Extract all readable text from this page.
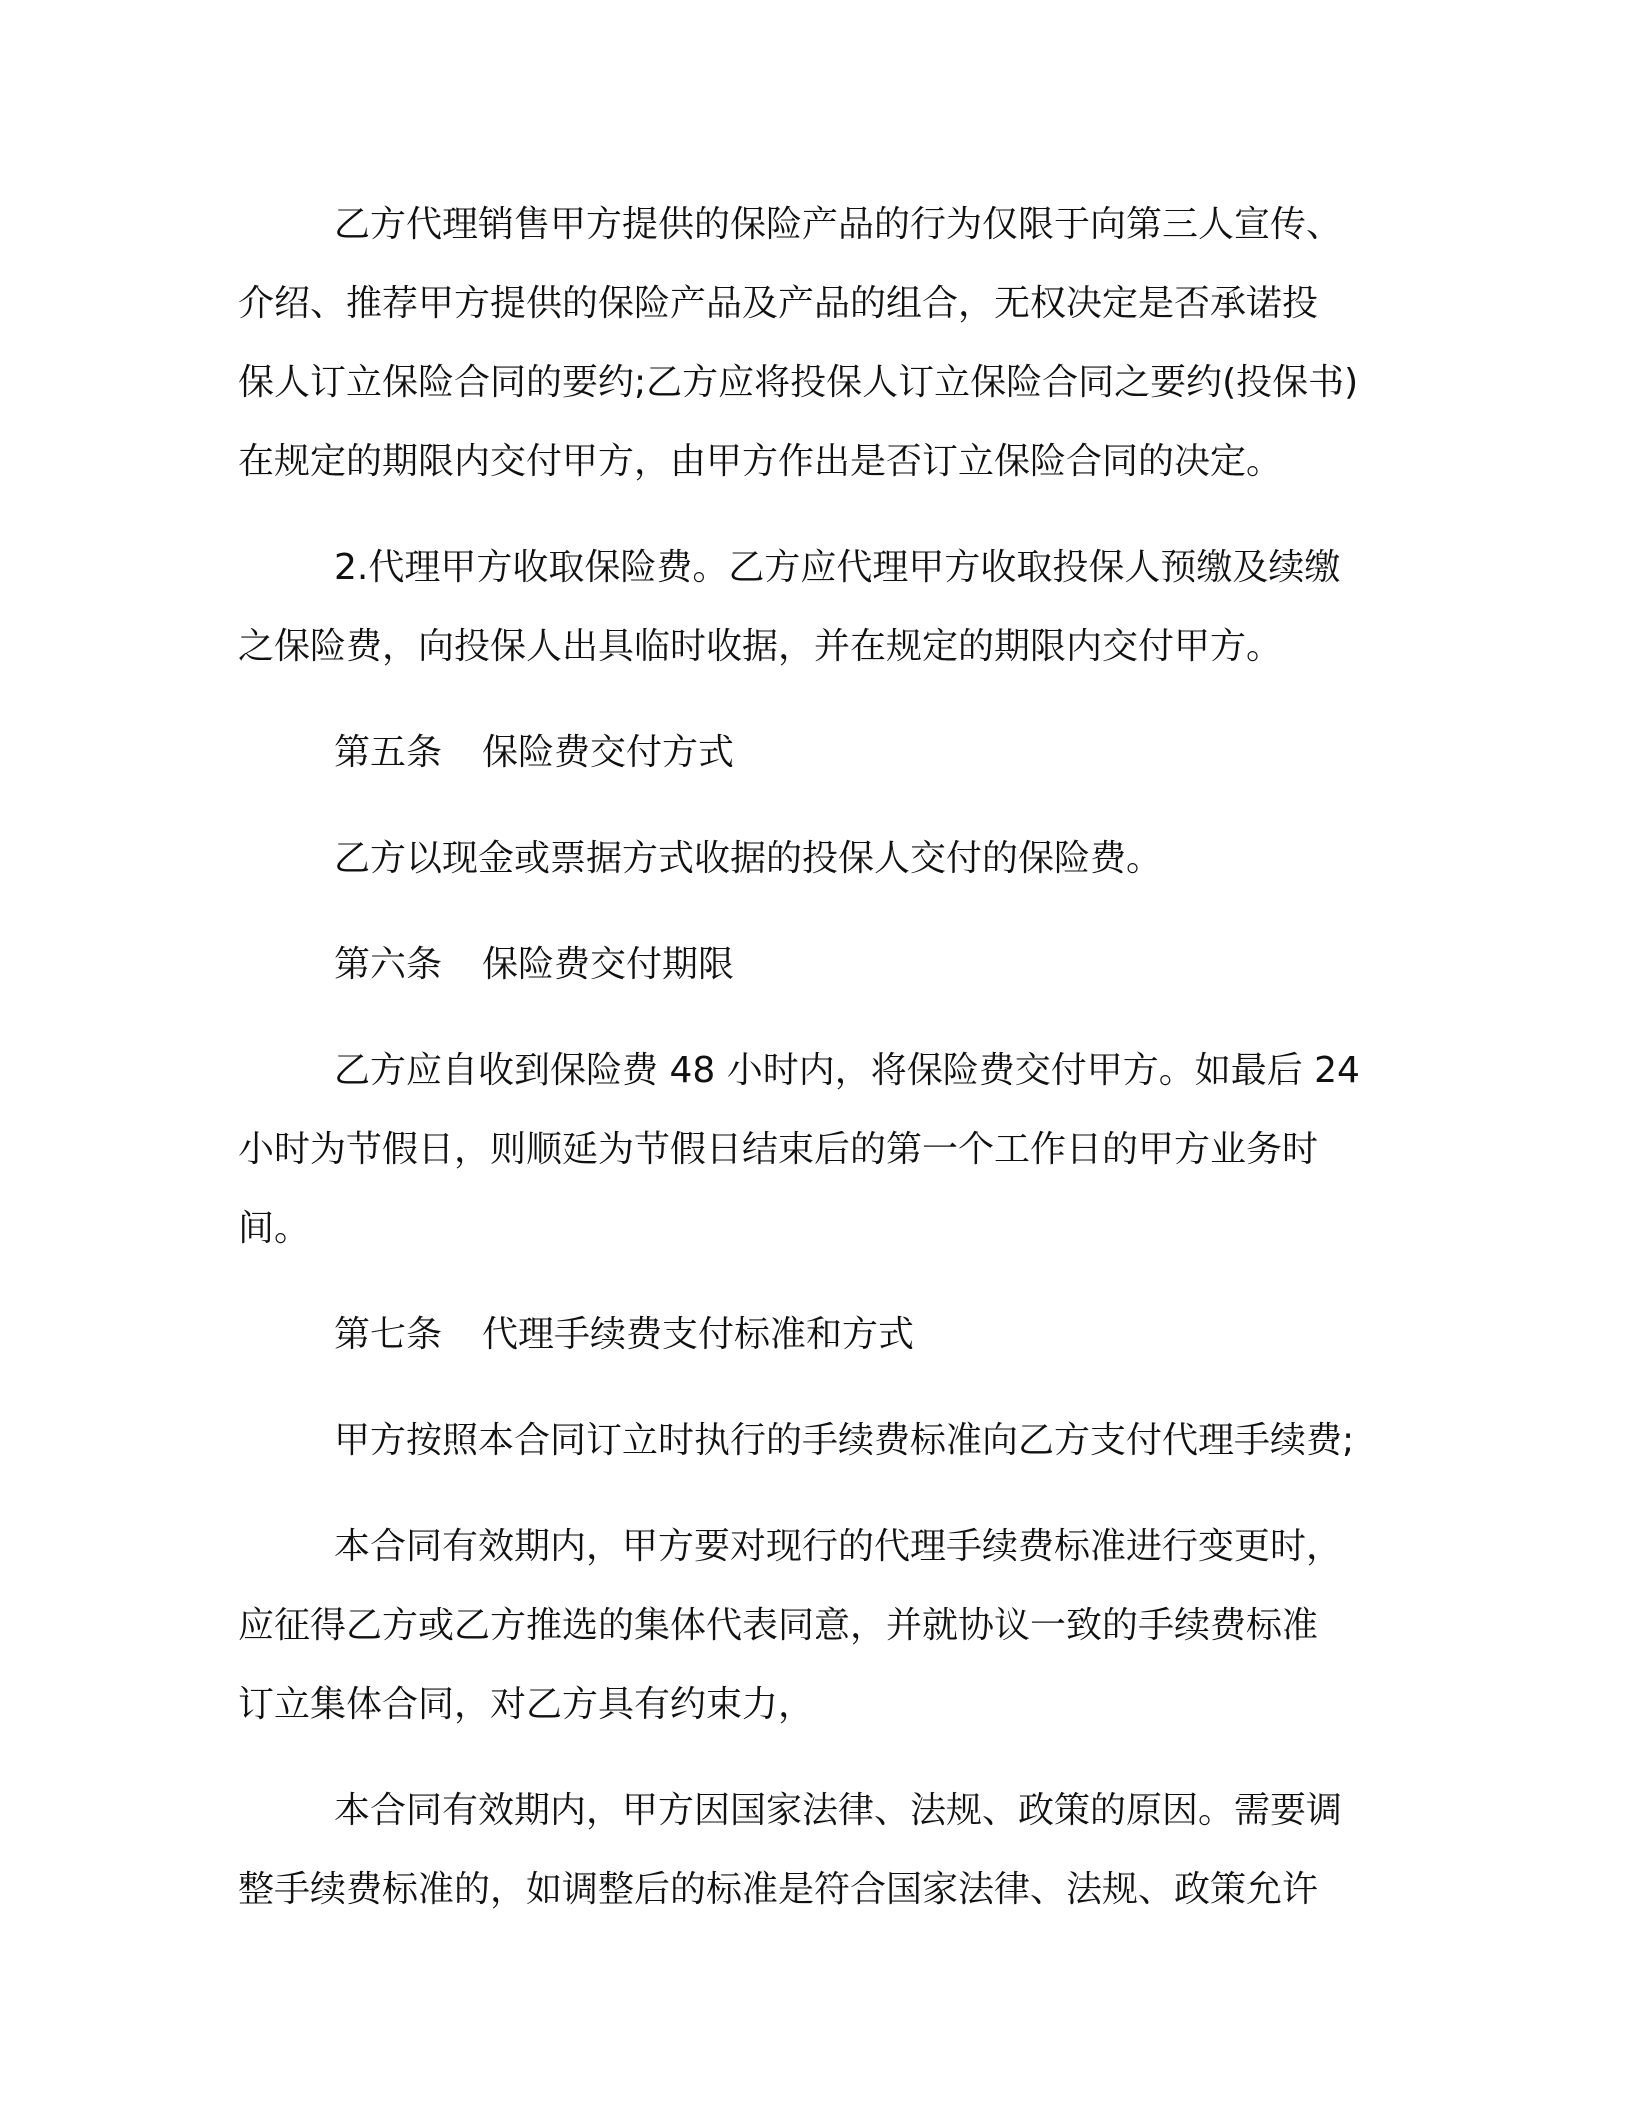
乙方代理销售甲方提供的保险产品的行为仅限于向第三人宣传、
介绍、推荐甲方提供的保险产品及产品的组合，无权决定是否承诺投
保人订立保险合同的要约;乙方应将投保人订立保险合同之要约(投保书)
在规定的期限内交付甲方，由甲方作出是否订立保险合同的决定。

2.代理甲方收取保险费。乙方应代理甲方收取投保人预缴及续缴
之保险费，向投保人出具临时收据，并在规定的期限内交付甲方。

第五条 保险费交付方式

乙方以现金或票据方式收据的投保人交付的保险费。

第六条 保险费交付期限

乙方应自收到保险费 48 小时内，将保险费交付甲方。如最后 24
小时为节假日，则顺延为节假日结束后的第一个工作日的甲方业务时
间。

第七条 代理手续费支付标准和方式

甲方按照本合同订立时执行的手续费标准向乙方支付代理手续费;

本合同有效期内，甲方要对现行的代理手续费标准进行变更时，
应征得乙方或乙方推选的集体代表同意，并就协议一致的手续费标准
订立集体合同，对乙方具有约束力，

本合同有效期内，甲方因国家法律、法规、政策的原因。需要调
整手续费标准的，如调整后的标准是符合国家法律、法规、政策允许
